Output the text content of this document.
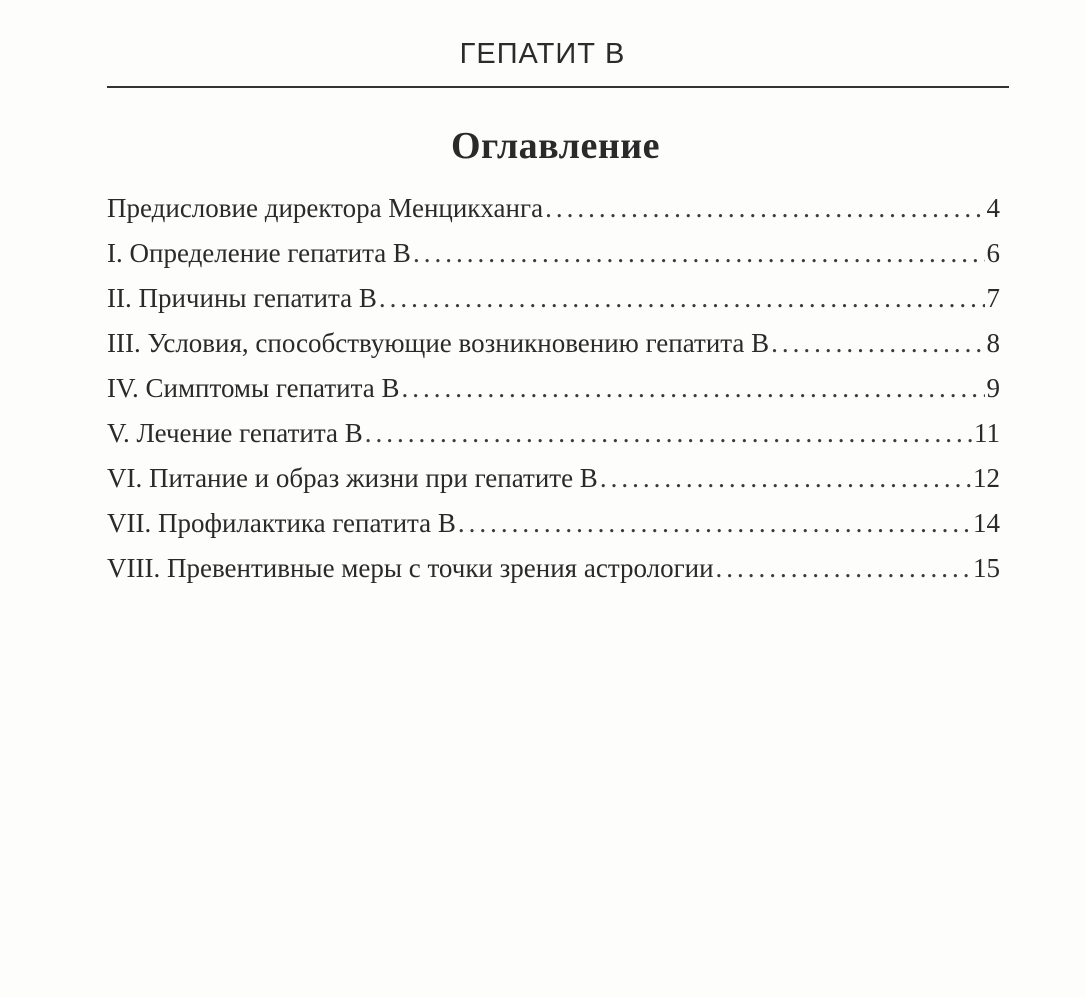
ГЕПАТИТ В
Оглавление
Предисловие директора Менцикханга .....	4
I. Определение гепатита В .....	6
II. Причины гепатита В .....	7
III. Условия, способствующие возникновению гепатита В .....	8
IV. Симптомы гепатита В .....	9
V. Лечение гепатита В .....	11
VI. Питание и образ жизни при гепатите В .....	12
VII. Профилактика гепатита В .....	14
VIII. Превентивные меры с точки зрения астрологии .....	15
